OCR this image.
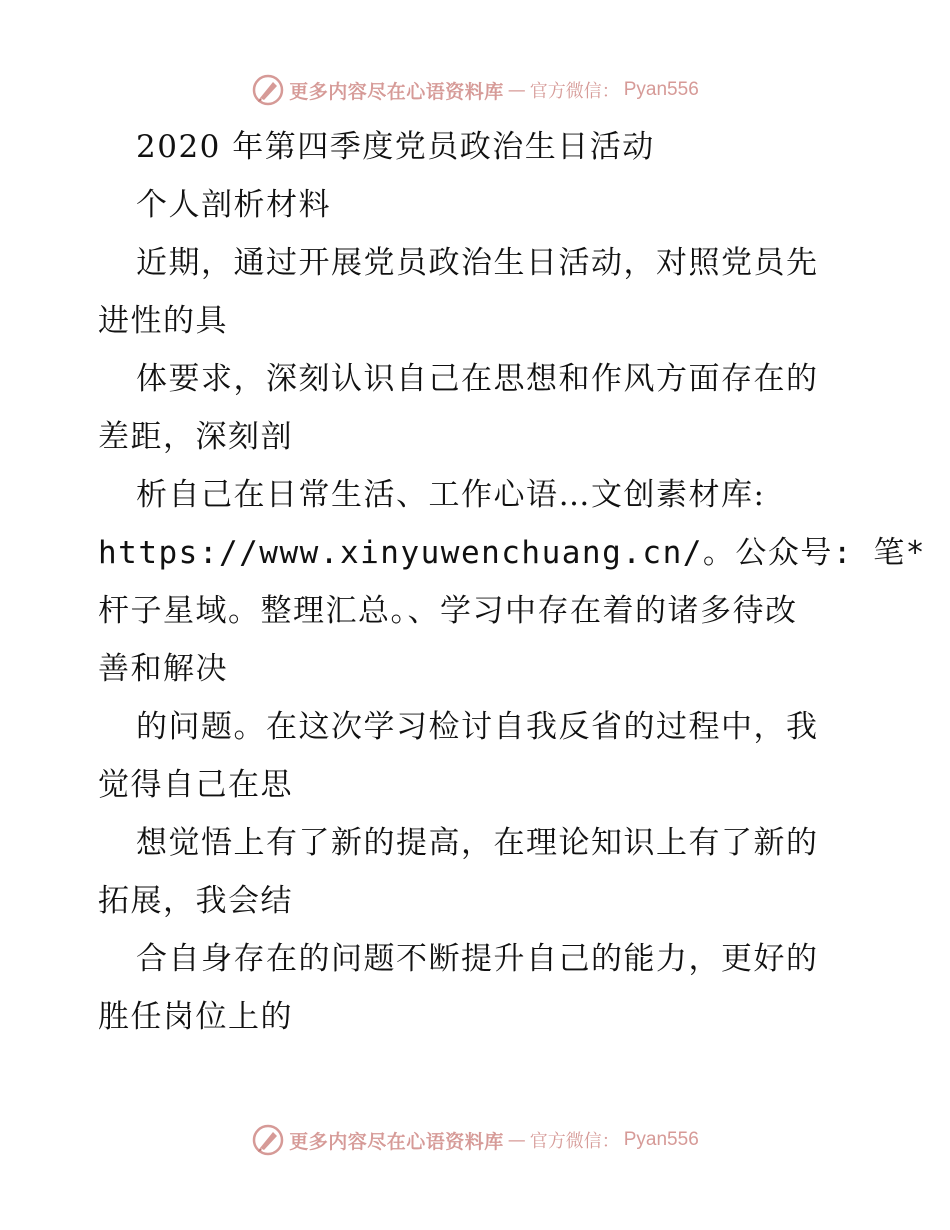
更多内容尽在心语资料库 — 官方微信： Pyan556
2020 年第四季度党员政治生日活动
个人剖析材料
近期，通过开展党员政治生日活动，对照党员先
进性的具
体要求，深刻认识自己在思想和作风方面存在的
差距，深刻剖
析自己在日常生活、工作心语…文创素材库:
https://www.xinyuwenchuang.cn/。公众号: 笔*
杆子星域。整理汇总。、学习中存在着的诸多待改
善和解决
的问题。在这次学习检讨自我反省的过程中，我
觉得自己在思
想觉悟上有了新的提高，在理论知识上有了新的
拓展，我会结
合自身存在的问题不断提升自己的能力，更好的
胜任岗位上的
更多内容尽在心语资料库 — 官方微信： Pyan556
